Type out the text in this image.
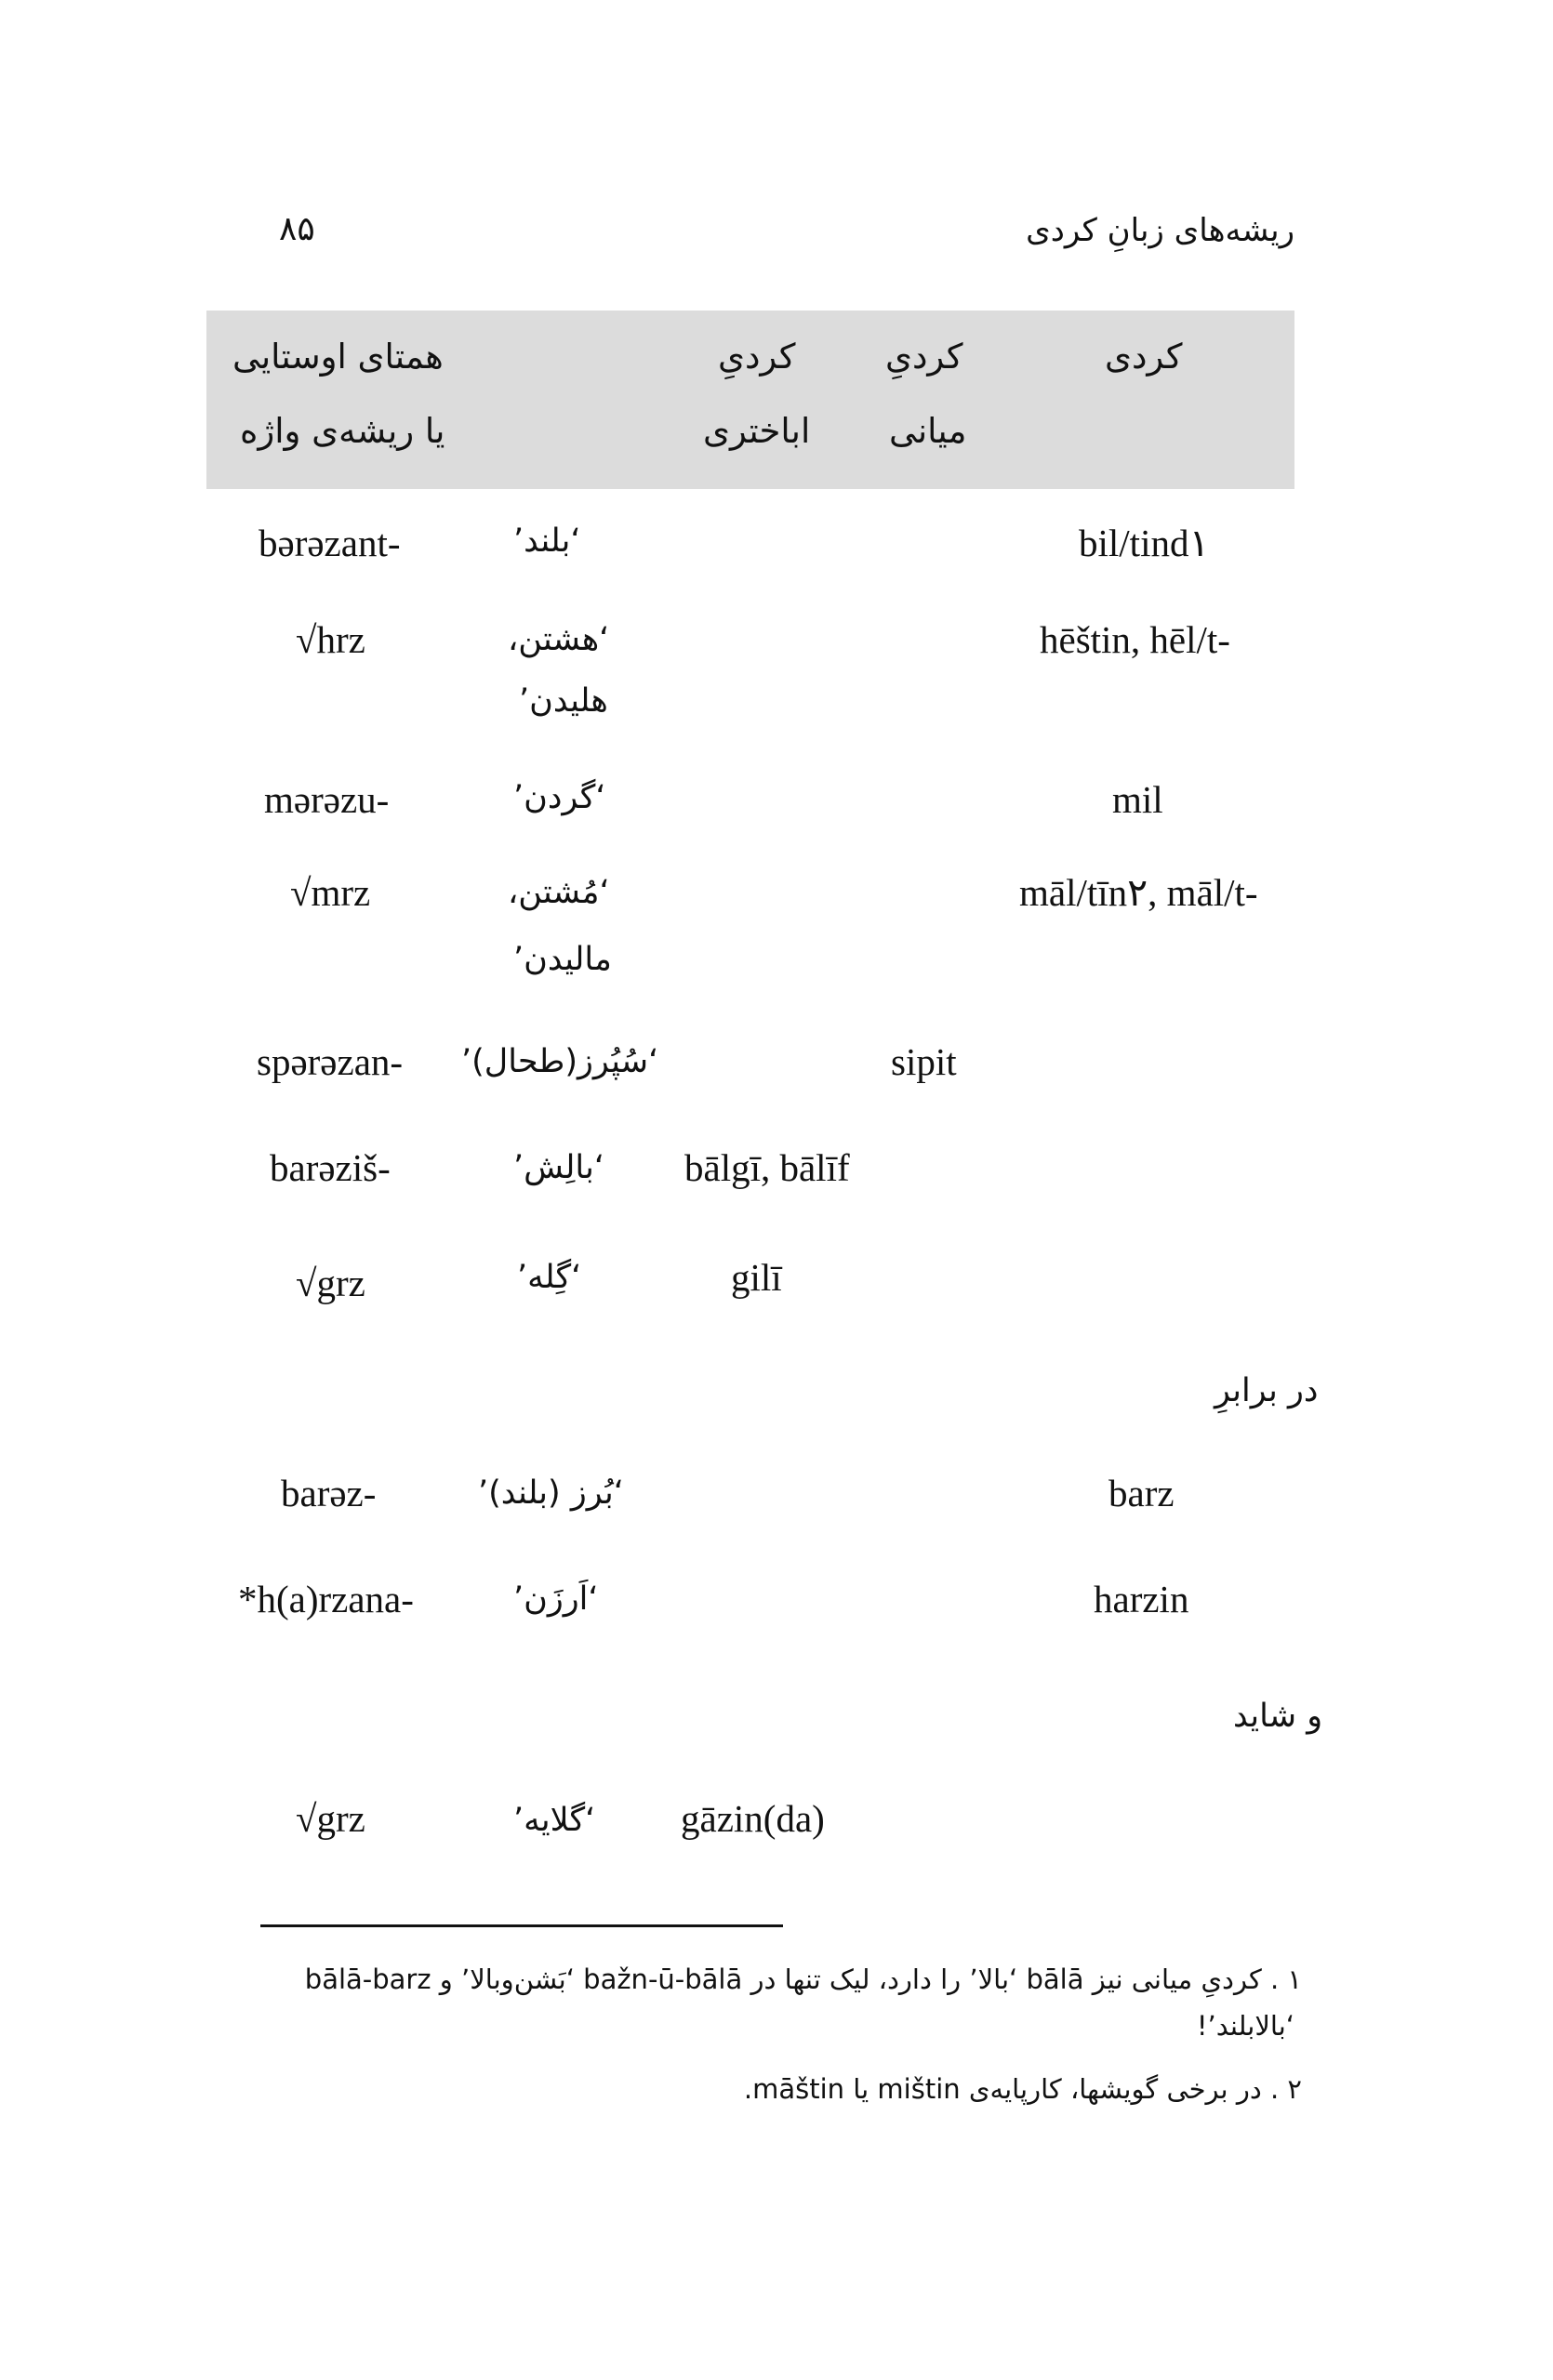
ریشه‌های زبانِ کردی
۸۵
کردی
کردیِ
میانی
کردیِ
اباختری
همتای اوستایی
یا ریشه‌ی واژه
bil/tind۱
‘بلند’
bərəzant-
hēštin, hēl/t-
‘هشتن،
هلیدن’
√hrz
mil
‘گردن’
mərəzu-
māl/tīn۲, māl/t-
‘مُشتن،
مالیدن’
√mrz
sipit
‘سُپُرز(طحال)’
spərəzan-
bālgī, bālīf
‘بالِش’
barəziš-
gilī
‘گِله’
√grz
در برابرِ
barz
‘بُرز (بلند)’
barəz-
harzin
‘اَرزَن’
*h(a)rzana-
و شاید
gāzin(da)
‘گلایه’
√grz
۱ . کردیِ میانی نیز bālā ‘بالا’ را دارد، لیک تنها در bažn-ū-bālā ‘بَشن‌وبالا’ و bālā-barz
‘بالابلند’!
۲ . در برخی گویشها، کارپایه‌ی mištin یا māštin.
